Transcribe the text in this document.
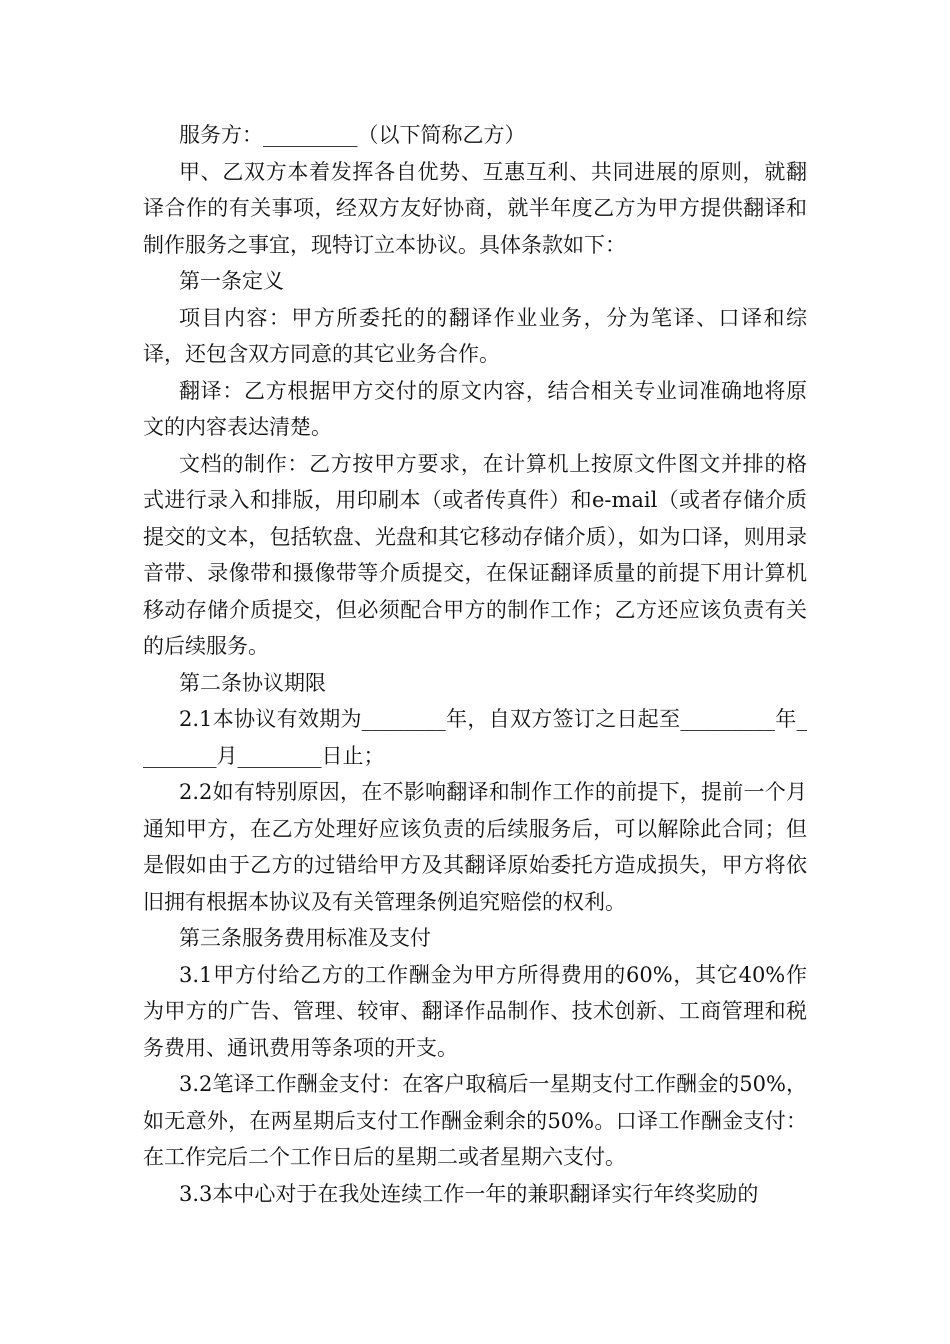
服务方：_________（以下简称乙方）

甲、乙双方本着发挥各自优势、互惠互利、共同进展的原则，就翻译合作的有关事项，经双方友好协商，就半年度乙方为甲方提供翻译和制作服务之事宜，现特订立本协议。具体条款如下：

第一条定义

项目内容：甲方所委托的的翻译作业业务，分为笔译、口译和综译，还包含双方同意的其它业务合作。

翻译：乙方根据甲方交付的原文内容，结合相关专业词准确地将原文的内容表达清楚。

文档的制作：乙方按甲方要求，在计算机上按原文件图文并排的格式进行录入和排版，用印刷本（或者传真件）和e-mail（或者存储介质提交的文本，包括软盘、光盘和其它移动存储介质），如为口译，则用录音带、录像带和摄像带等介质提交，在保证翻译质量的前提下用计算机移动存储介质提交，但必须配合甲方的制作工作；乙方还应该负责有关的后续服务。

第二条协议期限

2.1本协议有效期为________年，自双方签订之日起至_________年________月________日止；

2.2如有特别原因，在不影响翻译和制作工作的前提下，提前一个月通知甲方，在乙方处理好应该负责的后续服务后，可以解除此合同；但是假如由于乙方的过错给甲方及其翻译原始委托方造成损失，甲方将依旧拥有根据本协议及有关管理条例追究赔偿的权利。

第三条服务费用标准及支付

3.1甲方付给乙方的工作酬金为甲方所得费用的60%，其它40%作为甲方的广告、管理、较审、翻译作品制作、技术创新、工商管理和税务费用、通讯费用等条项的开支。

3.2笔译工作酬金支付：在客户取稿后一星期支付工作酬金的50%，如无意外，在两星期后支付工作酬金剩余的50%。口译工作酬金支付：在工作完后二个工作日后的星期二或者星期六支付。

3.3本中心对于在我处连续工作一年的兼职翻译实行年终奖励的
